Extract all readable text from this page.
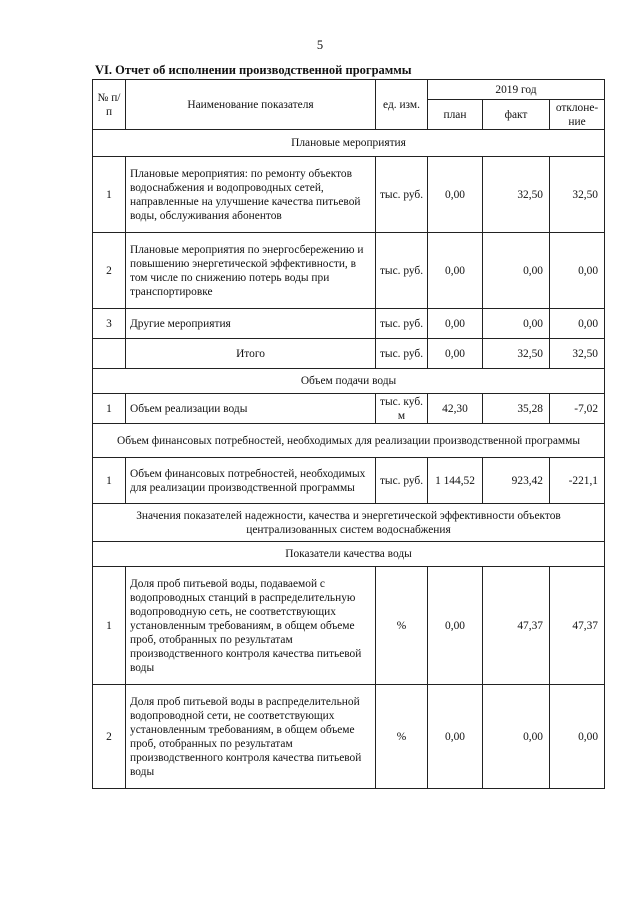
5
VI. Отчет об исполнении производственной программы
№ п/п	Наименование показателя	ед. изм.	2019 год		
			план	факт	отклоне-ние
Плановые мероприятия					
1	Плановые мероприятия: по ремонту объектов водоснабжения и водопроводных сетей, направленные на улучшение качества питьевой воды, обслуживания абонентов	тыс. руб.	0,00	32,50	32,50
2	Плановые мероприятия по энергосбережению и повышению энергетической эффективности, в том числе по снижению потерь воды при транспортировке	тыс. руб.	0,00	0,00	0,00
3	Другие мероприятия	тыс. руб.	0,00	0,00	0,00
	Итого	тыс. руб.	0,00	32,50	32,50
Объем подачи воды					
1	Объем реализации воды	тыс. куб. м	42,30	35,28	-7,02
Объем финансовых потребностей, необходимых для реализации производственной программы					
1	Объем финансовых потребностей, необходимых для реализации производственной программы	тыс. руб.	1 144,52	923,42	-221,1
Значения показателей надежности, качества и энергетической эффективности объектов централизованных систем водоснабжения					
Показатели качества воды					
1	Доля проб питьевой воды, подаваемой с водопроводных станций в распределительную водопроводную сеть, не соответствующих установленным требованиям, в общем объеме проб, отобранных по результатам производственного контроля качества питьевой воды	%	0,00	47,37	47,37
2	Доля проб питьевой воды в распределительной водопроводной сети, не соответствующих установленным требованиям, в общем объеме проб, отобранных по результатам производственного контроля качества питьевой воды	%	0,00	0,00	0,00
